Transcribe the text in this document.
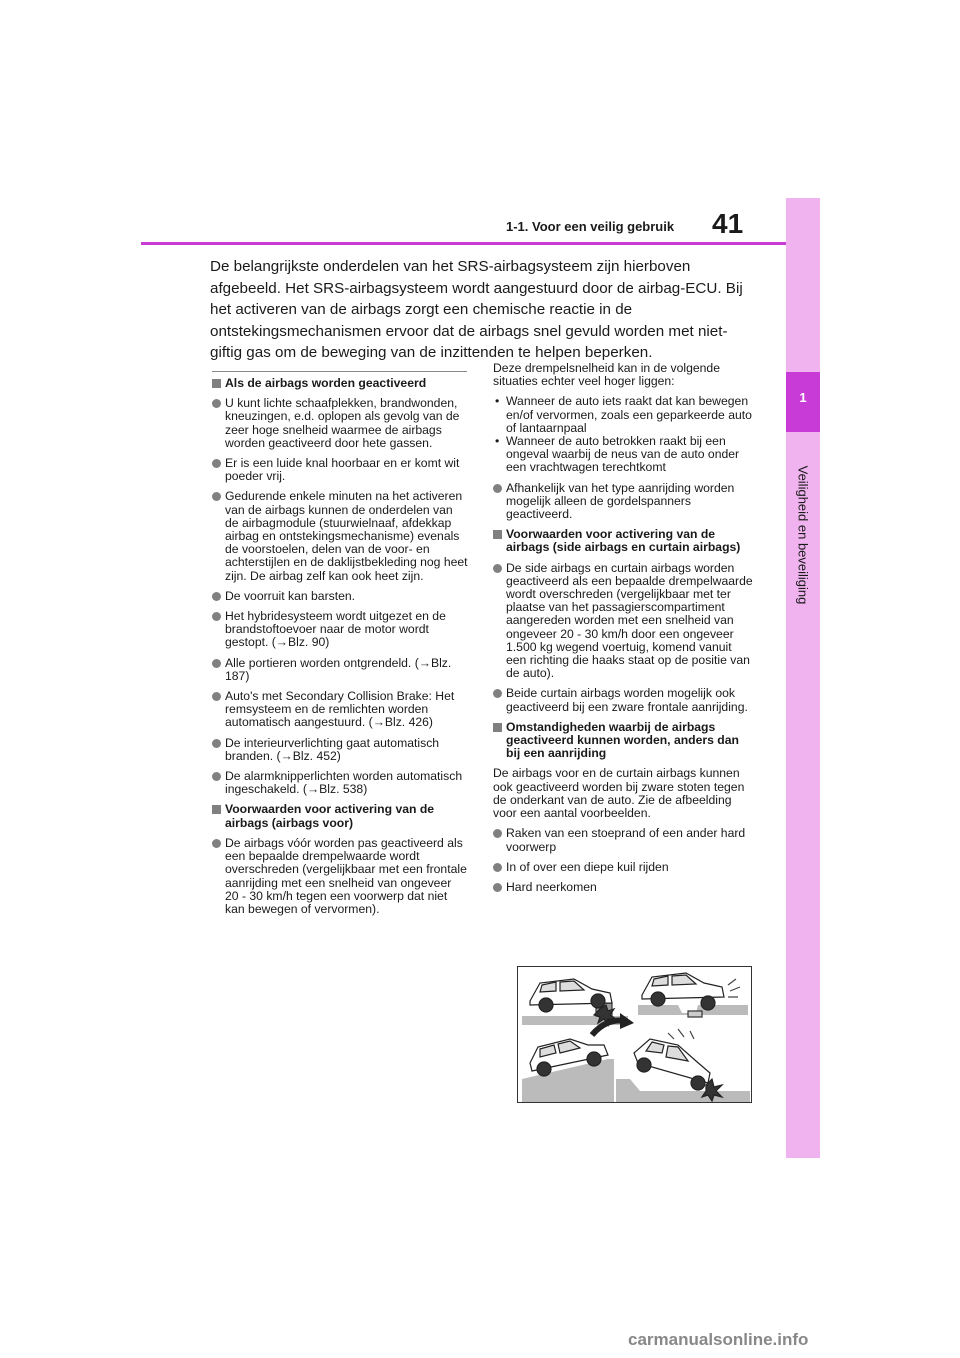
1
Veiligheid en beveiliging
1-1. Voor een veilig gebruik 41

De belangrijkste onderdelen van het SRS-airbagsysteem zijn hierboven afgebeeld. Het SRS-airbagsysteem wordt aangestuurd door de airbag-ECU. Bij het activeren van de airbags zorgt een chemische reactie in de ontstekingsmechanismen ervoor dat de airbags snel gevuld worden met niet-giftig gas om de beweging van de inzittenden te helpen beperken.

Als de airbags worden geactiveerd
U kunt lichte schaafplekken, brandwonden, kneuzingen, e.d. oplopen als gevolg van de zeer hoge snelheid waarmee de airbags worden geactiveerd door hete gassen.
Er is een luide knal hoorbaar en er komt wit poeder vrij.
Gedurende enkele minuten na het activeren van de airbags kunnen de onderdelen van de airbagmodule (stuurwielnaaf, afdekkap airbag en ontstekingsmechanisme) evenals de voorstoelen, delen van de voor- en achterstijlen en de daklijstbekleding nog heet zijn. De airbag zelf kan ook heet zijn.
De voorruit kan barsten.
Het hybridesysteem wordt uitgezet en de brandstoftoevoer naar de motor wordt gestopt. (→Blz. 90)
Alle portieren worden ontgrendeld. (→Blz. 187)
Auto's met Secondary Collision Brake: Het remsysteem en de remlichten worden automatisch aangestuurd. (→Blz. 426)
De interieurverlichting gaat automatisch branden. (→Blz. 452)
De alarmknipperlichten worden automatisch ingeschakeld. (→Blz. 538)
Voorwaarden voor activering van de airbags (airbags voor)
De airbags vóór worden pas geactiveerd als een bepaalde drempelwaarde wordt overschreden (vergelijkbaar met een frontale aanrijding met een snelheid van ongeveer 20 - 30 km/h tegen een voorwerp dat niet kan bewegen of vervormen).
Deze drempelsnelheid kan in de volgende situaties echter veel hoger liggen:
• Wanneer de auto iets raakt dat kan bewegen en/of vervormen, zoals een geparkeerde auto of lantaarnpaal
• Wanneer de auto betrokken raakt bij een ongeval waarbij de neus van de auto onder een vrachtwagen terechtkomt
Afhankelijk van het type aanrijding worden mogelijk alleen de gordelspanners geactiveerd.
Voorwaarden voor activering van de airbags (side airbags en curtain airbags)
De side airbags en curtain airbags worden geactiveerd als een bepaalde drempelwaarde wordt overschreden (vergelijkbaar met ter plaatse van het passagierscompartiment aangereden worden met een snelheid van ongeveer 20 - 30 km/h door een ongeveer 1.500 kg wegend voertuig, komend vanuit een richting die haaks staat op de positie van de auto).
Beide curtain airbags worden mogelijk ook geactiveerd bij een zware frontale aanrijding.
Omstandigheden waarbij de airbags geactiveerd kunnen worden, anders dan bij een aanrijding
De airbags voor en de curtain airbags kunnen ook geactiveerd worden bij zware stoten tegen de onderkant van de auto. Zie de afbeelding voor een aantal voorbeelden.
Raken van een stoeprand of een ander hard voorwerp
In of over een diepe kuil rijden
Hard neerkomen
carmanualsonline.info
